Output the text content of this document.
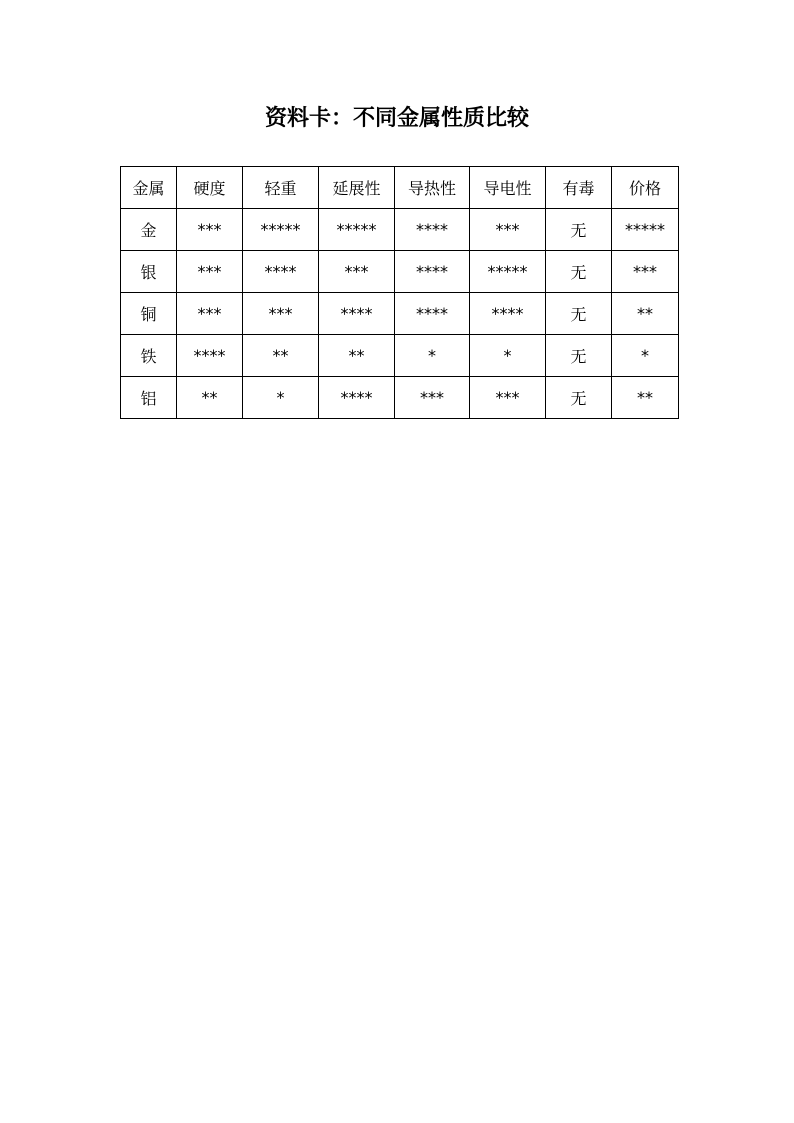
资料卡：不同金属性质比较
金属	硬度	轻重	延展性	导热性	导电性	有毒	价格
金	***	*****	*****	****	***	无	*****
银	***	****	***	****	*****	无	***
铜	***	***	****	****	****	无	**
铁	****	**	**	*	*	无	*
铝	**	*	****	***	***	无	**
